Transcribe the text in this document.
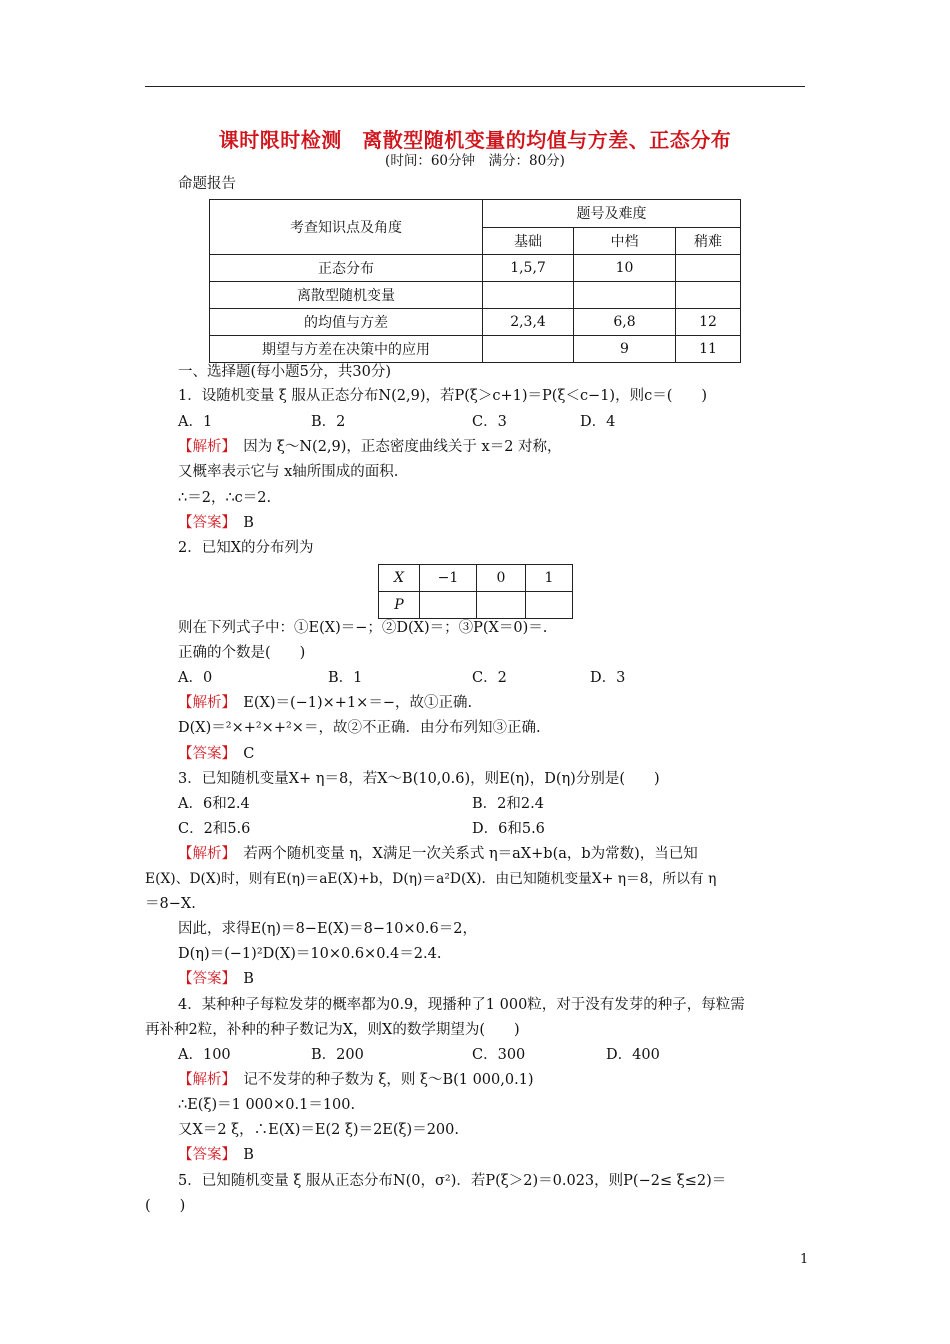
课时限时检测　离散型随机变量的均值与方差、正态分布
(时间：60分钟　满分：80分)
命题报告
考查知识点及角度	题号及难度		
	基础	中档	稍难
正态分布	1,5,7	10	
离散型随机变量			
的均值与方差	2,3,4	6,8	12
期望与方差在决策中的应用		9	11
一、选择题(每小题5分，共30分)
1．设随机变量 ξ 服从正态分布N(2,9)，若P(ξ＞c+1)＝P(ξ＜c−1)，则c＝(　　)
A．1	B．2	C．3	D．4
【解析】　因为 ξ～N(2,9)，正态密度曲线关于 x＝2 对称，
又概率表示它与 x轴所围成的面积.
∴＝2，∴c＝2.
【答案】　B
2．已知X的分布列为
X	−1	0	1
P			
则在下列式子中：①E(X)＝−；②D(X)＝；③P(X＝0)＝.
正确的个数是(　　)
A．0	B．1	C．2	D．3
【解析】　E(X)＝(−1)×+1×＝−，故①正确.
D(X)＝²×+²×+²×＝，故②不正确．由分布列知③正确.
【答案】　C
3．已知随机变量X+ η＝8，若X～B(10,0.6)，则E(η)，D(η)分别是(　　)
A．6和2.4	B．2和2.4
C．2和5.6	D．6和5.6
【解析】　若两个随机变量 η，X满足一次关系式 η＝aX+b(a，b为常数)，当已知
E(X)、D(X)时，则有E(η)＝aE(X)+b，D(η)＝a²D(X)．由已知随机变量X+ η＝8，所以有 η
＝8−X.
因此，求得E(η)＝8−E(X)＝8−10×0.6＝2，
D(η)＝(−1)²D(X)＝10×0.6×0.4＝2.4.
【答案】　B
4．某种种子每粒发芽的概率都为0.9，现播种了1 000粒，对于没有发芽的种子，每粒需
再补种2粒，补种的种子数记为X，则X的数学期望为(　　)
A．100	B．200	C．300	D．400
【解析】　记不发芽的种子数为 ξ，则 ξ～B(1 000,0.1)
∴E(ξ)＝1 000×0.1＝100.
又X＝2 ξ，∴E(X)＝E(2 ξ)＝2E(ξ)＝200.
【答案】　B
5．已知随机变量 ξ 服从正态分布N(0，σ²)．若P(ξ＞2)＝0.023，则P(−2≤ ξ≤2)＝
(　　)
1
